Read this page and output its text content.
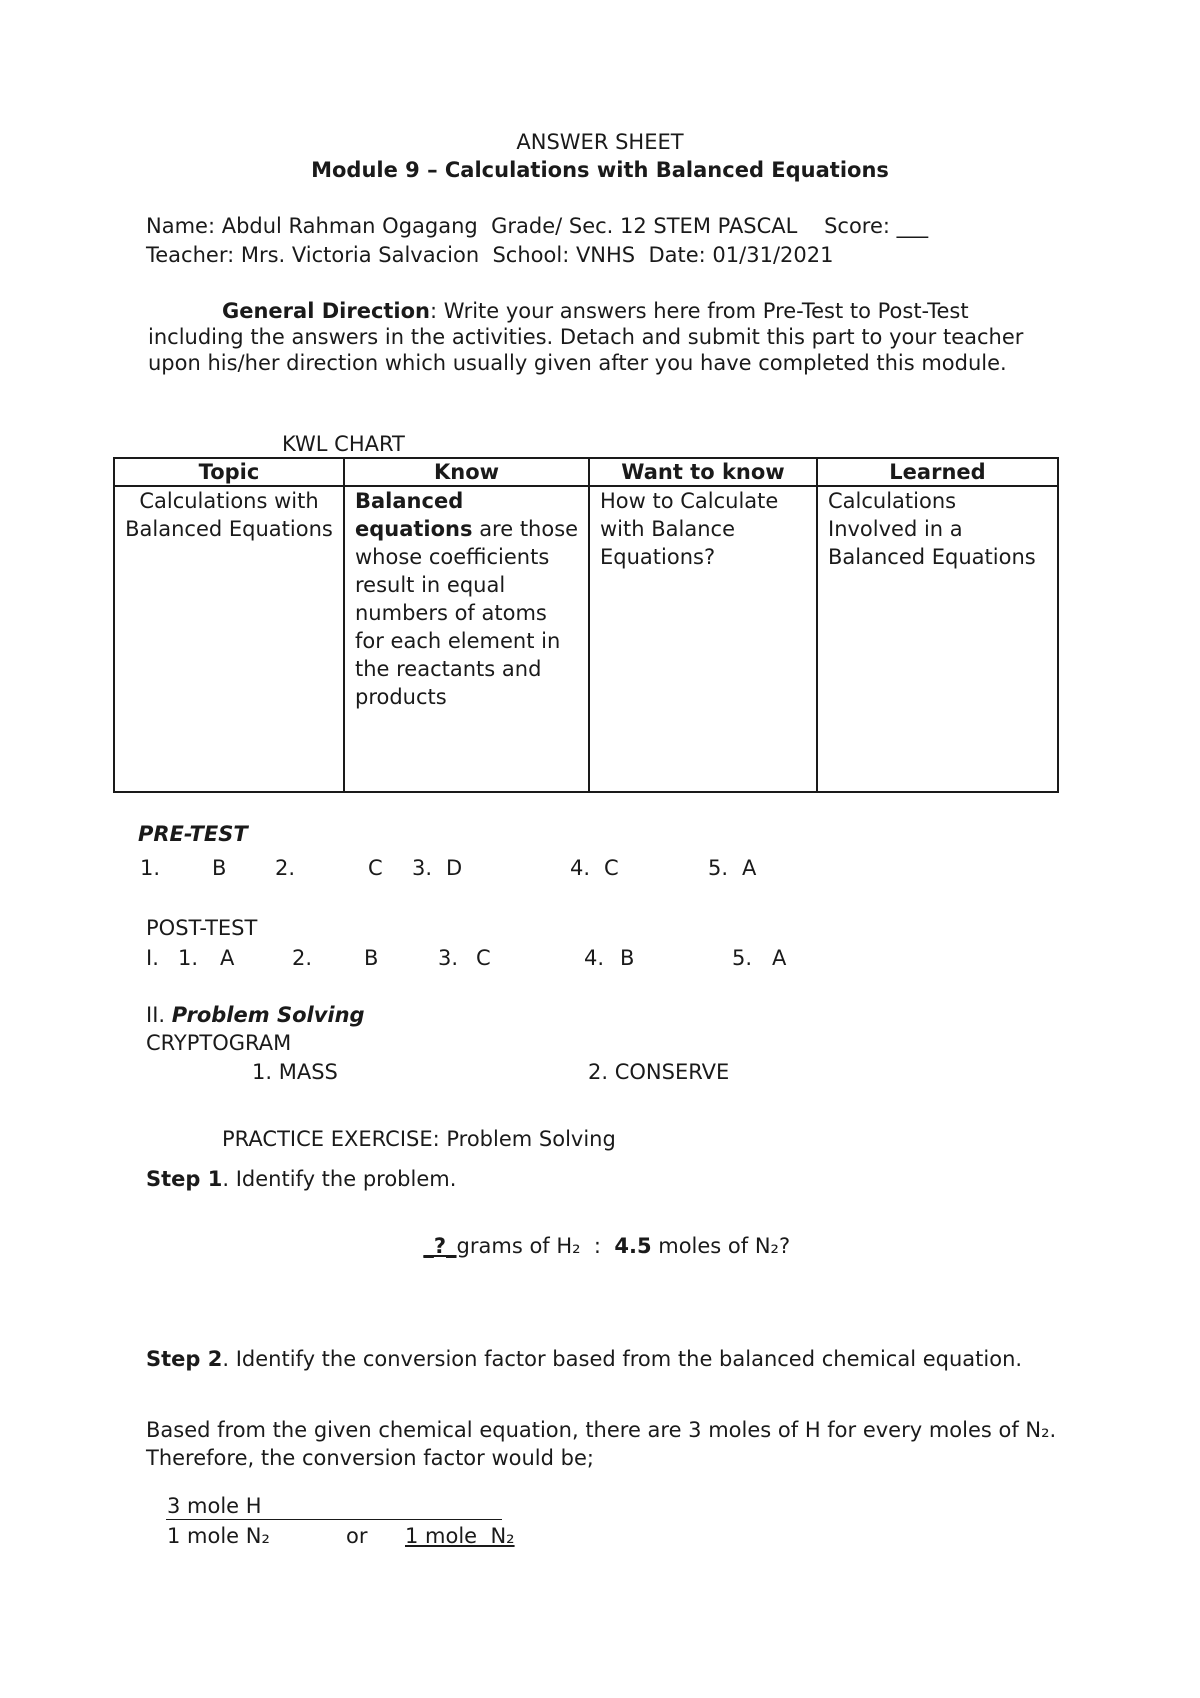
ANSWER SHEET
Module 9 – Calculations with Balanced Equations
Name: Abdul Rahman Ogagang  Grade/ Sec. 12 STEM PASCAL    Score: ___
Teacher: Mrs. Victoria Salvacion  School: VNHS  Date: 01/31/2021
General Direction: Write your answers here from Pre-Test to Post-Test including the answers in the activities. Detach and submit this part to your teacher upon his/her direction which usually given after you have completed this module.
KWL CHART
Topic	Know	Want to know	Learned
Calculations with Balanced Equations	Balanced equations are those whose coefficients result in equal numbers of atoms for each element in the reactants and products	How to Calculate with Balance Equations?	Calculations Involved in a Balanced Equations
PRE-TEST
1. B 2.	C 3. D	4. C	5. A
POST-TEST
I. 1. A	2. B	3. C	4. B	5. A
II. Problem Solving
CRYPTOGRAM
1. MASS	2. CONSERVE
PRACTICE EXERCISE: Problem Solving
Step 1. Identify the problem.

_?_grams of H₂  :  4.5 moles of N₂?

Step 2. Identify the conversion factor based from the balanced chemical equation.
Based from the given chemical equation, there are 3 moles of H for every moles of N₂. Therefore, the conversion factor would be;
3 mole H
1 mole N₂	or 1 mole  N₂
